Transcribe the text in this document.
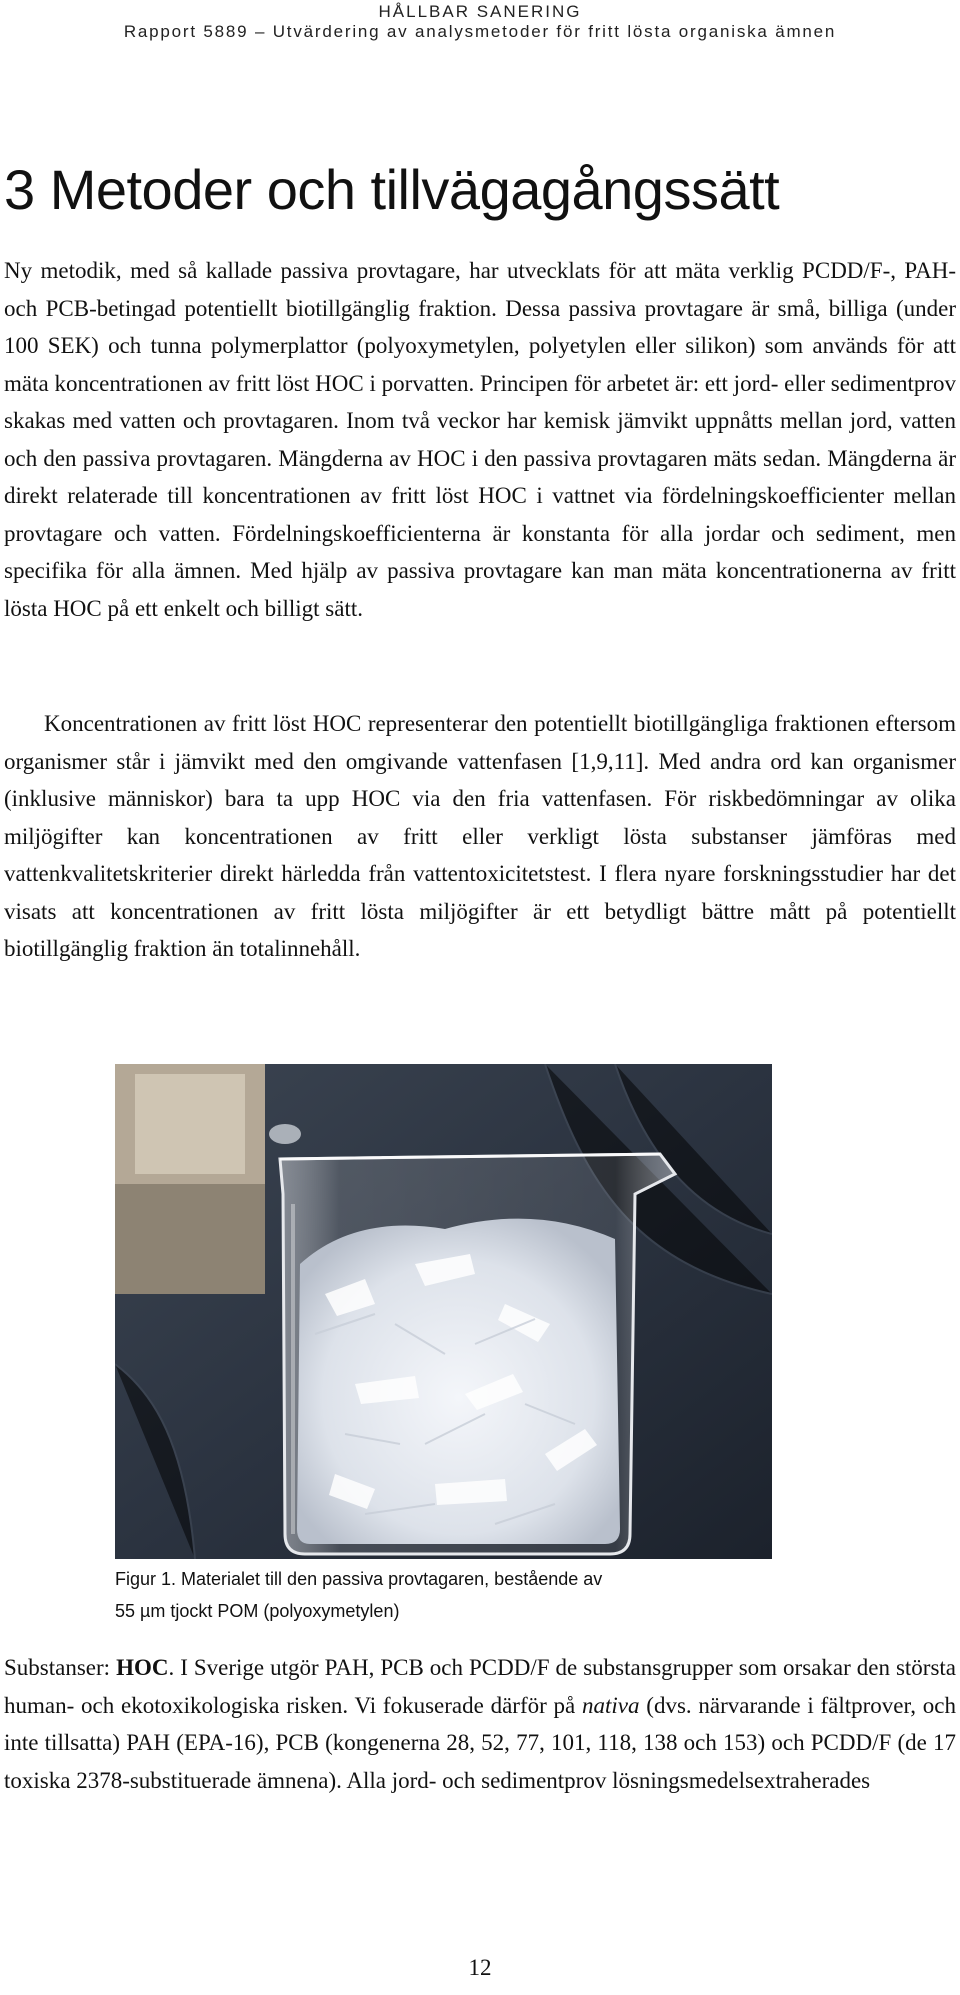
HÅLLBAR SANERING
Rapport 5889 – Utvärdering av analysmetoder för fritt lösta organiska ämnen
3 Metoder och tillvägagångssätt

Ny metodik, med så kallade passiva provtagare, har utvecklats för att mäta verklig PCDD/F-, PAH- och PCB-betingad potentiellt biotillgänglig fraktion. Dessa passiva provtagare är små, billiga (under 100 SEK) och tunna polymerplattor (polyoxymetylen, polyetylen eller silikon) som används för att mäta koncentrationen av fritt löst HOC i porvatten. Principen för arbetet är: ett jord- eller sedimentprov skakas med vatten och provtagaren. Inom två veckor har kemisk jämvikt uppnåtts mellan jord, vatten och den passiva provtagaren. Mängderna av HOC i den passiva provtagaren mäts sedan. Mängderna är direkt relaterade till koncentrationen av fritt löst HOC i vattnet via fördelningskoefficienter mellan provtagare och vatten. Fördelningskoefficienterna är konstanta för alla jordar och sediment, men specifika för alla ämnen. Med hjälp av passiva provtagare kan man mäta koncentrationerna av fritt lösta HOC på ett enkelt och billigt sätt.

Koncentrationen av fritt löst HOC representerar den potentiellt biotillgängliga fraktionen eftersom organismer står i jämvikt med den omgivande vattenfasen [1,9,11]. Med andra ord kan organismer (inklusive människor) bara ta upp HOC via den fria vattenfasen. För riskbedömningar av olika miljögifter kan koncentrationen av fritt eller verkligt lösta substanser jämföras med vattenkvalitetskriterier direkt härledda från vattentoxicitetstest. I flera nyare forskningsstudier har det visats att koncentrationen av fritt lösta miljögifter är ett betydligt bättre mått på potentiellt biotillgänglig fraktion än totalinnehåll.

Figur 1. Materialet till den passiva provtagaren, bestående av
55 µm tjockt POM (polyoxymetylen)

Substanser: HOC. I Sverige utgör PAH, PCB och PCDD/F de substansgrupper som orsakar den största human- och ekotoxikologiska risken. Vi fokuserade därför på nativa (dvs. närvarande i fältprover, och inte tillsatta) PAH (EPA-16), PCB (kongenerna 28, 52, 77, 101, 118, 138 och 153) och PCDD/F (de 17 toxiska 2378-substituerade ämnena). Alla jord- och sedimentprov lösningsmedelsextraherades

12
